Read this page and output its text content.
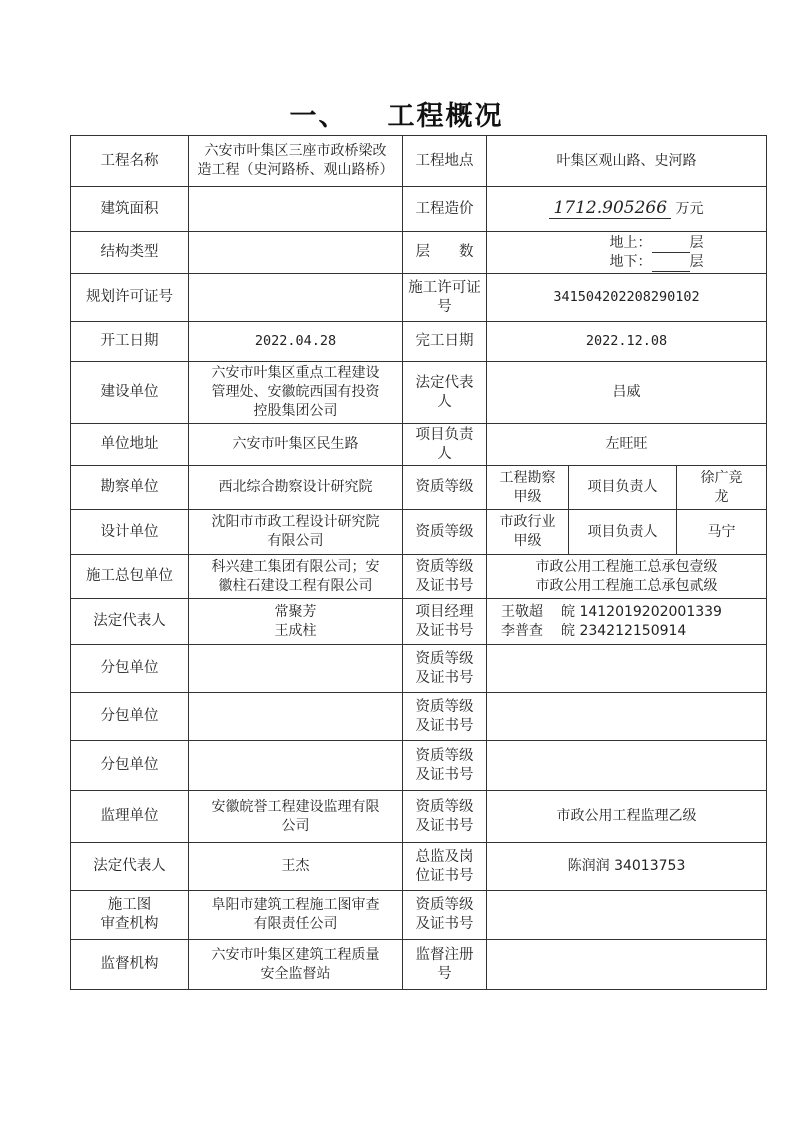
一、 工程概况
工程名称	六安市叶集区三座市政桥梁改
造工程（史河路桥、观山路桥）	工程地点	叶集区观山路、史河路		
建筑面积		工程造价	1712.905266 万元		
结构类型		层　　数	地上： 层
地下： 层		

规划许可证号		施工许可证
号	341504202208290102		
开工日期	2022.04.28	完工日期	2022.12.08		
建设单位	六安市叶集区重点工程建设
管理处、安徽皖西国有投资
控股集团公司	法定代表
人	吕威		
单位地址	六安市叶集区民生路	项目负责
人	左旺旺		
勘察单位	西北综合勘察设计研究院	资质等级	工程勘察
甲级	项目负责人	徐广竞
龙

设计单位	沈阳市市政工程设计研究院
有限公司	资质等级	市政行业
甲级	项目负责人	马宁
施工总包单位	科兴建工集团有限公司；安
徽柱石建设工程有限公司	资质等级
及证书号	市政公用工程施工总承包壹级
市政公用工程施工总承包贰级		

法定代表人	常聚芳
王成柱	项目经理
及证书号	王敬超 皖 1412019202001339
李普查 皖 234212150914		

分包单位		资质等级
及证书号			

分包单位		资质等级
及证书号			

分包单位		资质等级
及证书号			

监理单位	安徽皖誉工程建设监理有限
公司	资质等级
及证书号	市政公用工程监理乙级		
法定代表人	王杰	总监及岗
位证书号	陈润润 34013753		

施工图
审查机构	阜阳市建筑工程施工图审查
有限责任公司	资质等级
及证书号			

监督机构	六安市叶集区建筑工程质量
安全监督站	监督注册
号			
